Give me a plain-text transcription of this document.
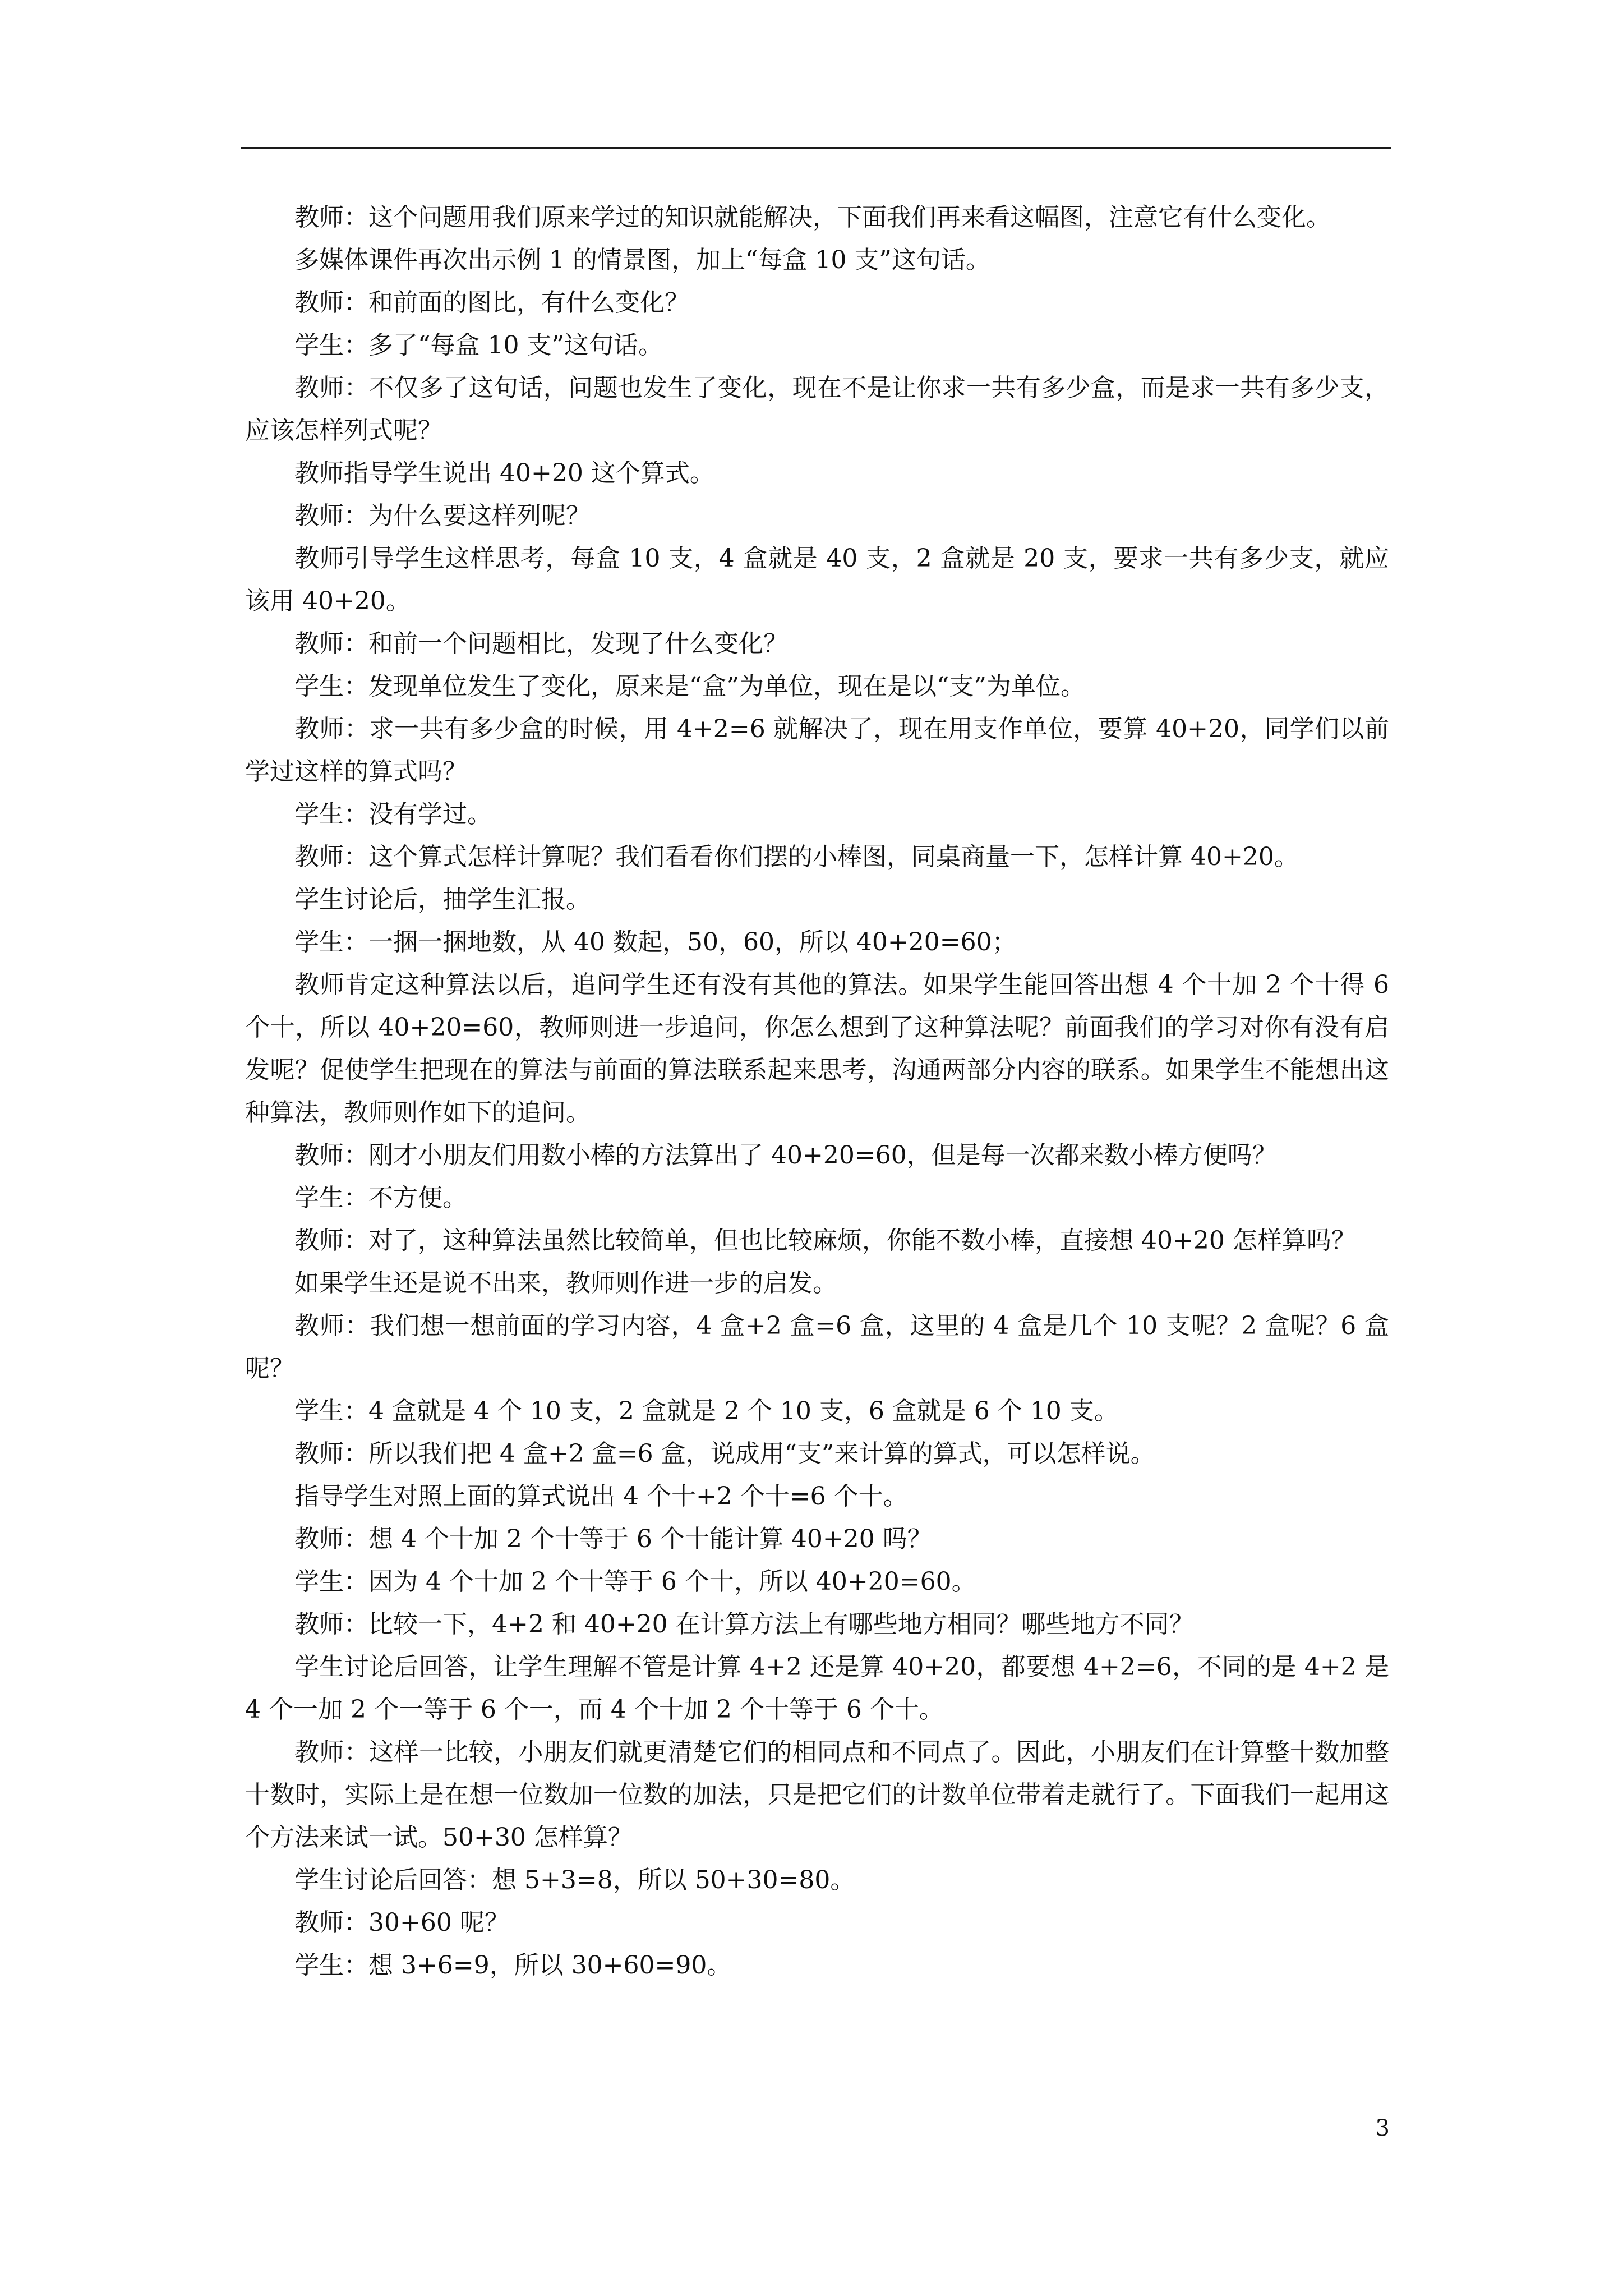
教师：这个问题用我们原来学过的知识就能解决，下面我们再来看这幅图，注意它有什么变化。

多媒体课件再次出示例 1 的情景图，加上“每盒 10 支”这句话。

教师：和前面的图比，有什么变化？

学生：多了“每盒 10 支”这句话。

教师：不仅多了这句话，问题也发生了变化，现在不是让你求一共有多少盒，而是求一共有多少支，应该怎样列式呢？

教师指导学生说出 40+20 这个算式。

教师：为什么要这样列呢？

教师引导学生这样思考，每盒 10 支，4 盒就是 40 支，2 盒就是 20 支，要求一共有多少支，就应该用 40+20。

教师：和前一个问题相比，发现了什么变化？

学生：发现单位发生了变化，原来是“盒”为单位，现在是以“支”为单位。

教师：求一共有多少盒的时候，用 4+2=6 就解决了，现在用支作单位，要算 40+20，同学们以前学过这样的算式吗？

学生：没有学过。

教师：这个算式怎样计算呢？我们看看你们摆的小棒图，同桌商量一下，怎样计算 40+20。

学生讨论后，抽学生汇报。

学生：一捆一捆地数，从 40 数起，50，60，所以 40+20=60；

教师肯定这种算法以后，追问学生还有没有其他的算法。如果学生能回答出想 4 个十加 2 个十得 6 个十，所以 40+20=60，教师则进一步追问，你怎么想到了这种算法呢？前面我们的学习对你有没有启发呢？促使学生把现在的算法与前面的算法联系起来思考，沟通两部分内容的联系。如果学生不能想出这种算法，教师则作如下的追问。

教师：刚才小朋友们用数小棒的方法算出了 40+20=60，但是每一次都来数小棒方便吗？

学生：不方便。

教师：对了，这种算法虽然比较简单，但也比较麻烦，你能不数小棒，直接想 40+20 怎样算吗？

如果学生还是说不出来，教师则作进一步的启发。

教师：我们想一想前面的学习内容，4 盒+2 盒=6 盒，这里的 4 盒是几个 10 支呢？2 盒呢？6 盒呢？

学生：4 盒就是 4 个 10 支，2 盒就是 2 个 10 支，6 盒就是 6 个 10 支。

教师：所以我们把 4 盒+2 盒=6 盒，说成用“支”来计算的算式，可以怎样说。

指导学生对照上面的算式说出 4 个十+2 个十=6 个十。

教师：想 4 个十加 2 个十等于 6 个十能计算 40+20 吗？

学生：因为 4 个十加 2 个十等于 6 个十，所以 40+20=60。

教师：比较一下，4+2 和 40+20 在计算方法上有哪些地方相同？哪些地方不同？

学生讨论后回答，让学生理解不管是计算 4+2 还是算 40+20，都要想 4+2=6，不同的是 4+2 是 4 个一加 2 个一等于 6 个一，而 4 个十加 2 个十等于 6 个十。

教师：这样一比较，小朋友们就更清楚它们的相同点和不同点了。因此，小朋友们在计算整十数加整十数时，实际上是在想一位数加一位数的加法，只是把它们的计数单位带着走就行了。下面我们一起用这个方法来试一试。50+30 怎样算？

学生讨论后回答：想 5+3=8，所以 50+30=80。

教师：30+60 呢？

学生：想 3+6=9，所以 30+60=90。

3
